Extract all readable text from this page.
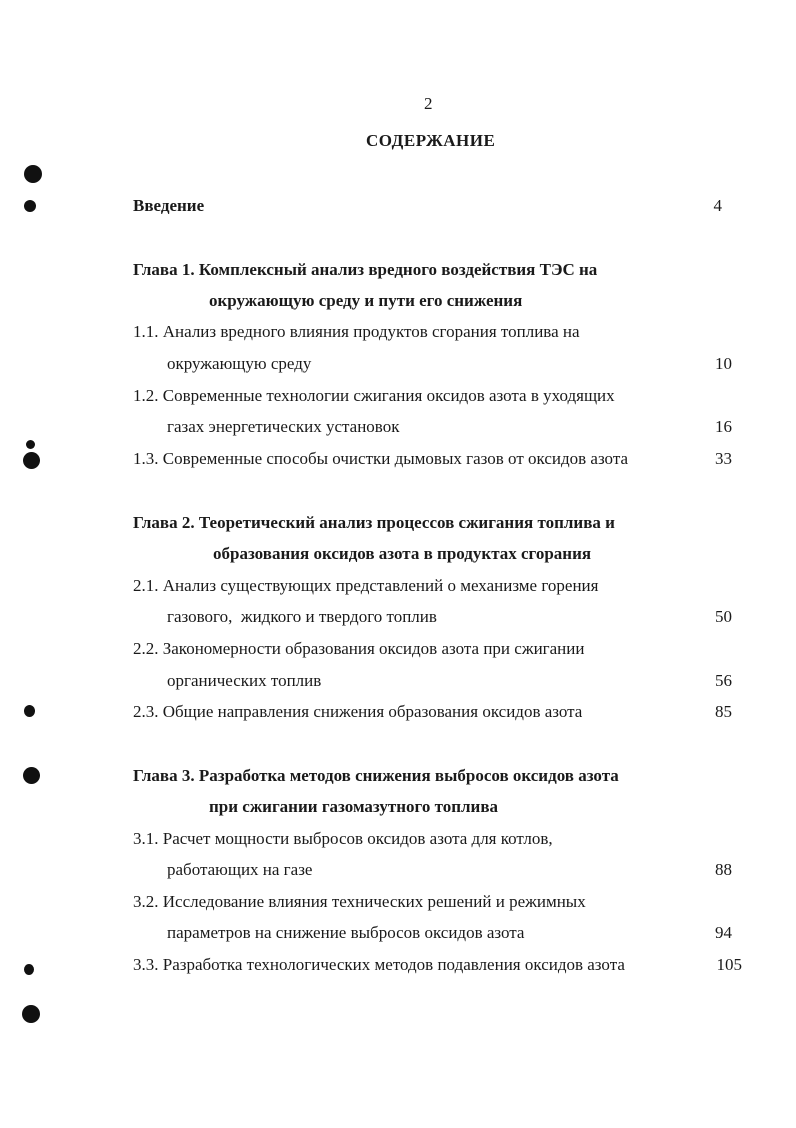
2
СОДЕРЖАНИЕ
Введение	4
Глава 1. Комплексный анализ вредного воздействия ТЭС на
окружающую среду и пути его снижения
1.1. Анализ вредного влияния продуктов сгорания топлива на
окружающую среду	10
1.2. Современные технологии сжигания оксидов азота в уходящих
газах энергетических установок	16
1.3. Современные способы очистки дымовых газов от оксидов азота	33
Глава 2. Теоретический анализ процессов сжигания топлива и
образования оксидов азота в продуктах сгорания
2.1. Анализ существующих представлений о механизме горения
газового,  жидкого и твердого топлив	50
2.2. Закономерности образования оксидов азота при сжигании
органических топлив	56
2.3. Общие направления снижения образования оксидов азота	85
Глава 3. Разработка методов снижения выбросов оксидов азота
при сжигании газомазутного топлива
3.1. Расчет мощности выбросов оксидов азота для котлов,
работающих на газе	88
3.2. Исследование влияния технических решений и режимных
параметров на снижение выбросов оксидов азота	94
3.3. Разработка технологических методов подавления оксидов азота	105
